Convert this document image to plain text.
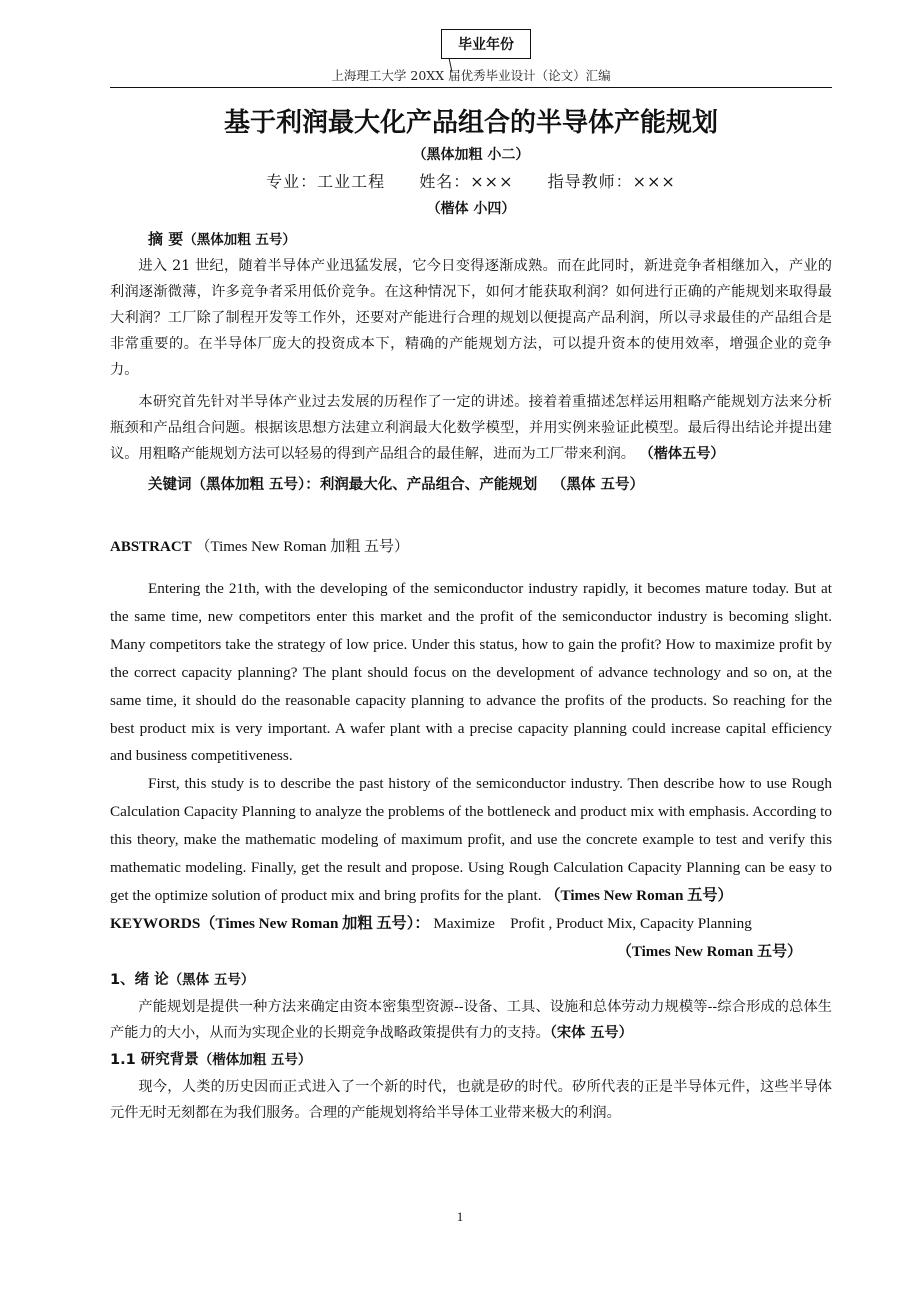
毕业年份
上海理工大学 20XX 届优秀毕业设计（论文）汇编
基于利润最大化产品组合的半导体产能规划
（黑体加粗 小二）
专业：工业工程 姓名：××× 指导教师：×××
（楷体 小四）
摘 要（黑体加粗 五号）

进入 21 世纪，随着半导体产业迅猛发展，它今日变得逐渐成熟。而在此同时，新进竞争者相继加入，产业的利润逐渐微薄，许多竞争者采用低价竞争。在这种情况下，如何才能获取利润？如何进行正确的产能规划来取得最大利润？工厂除了制程开发等工作外，还要对产能进行合理的规划以便提高产品利润，所以寻求最佳的产品组合是非常重要的。在半导体厂庞大的投资成本下，精确的产能规划方法，可以提升资本的使用效率，增强企业的竞争力。

本研究首先针对半导体产业过去发展的历程作了一定的讲述。接着着重描述怎样运用粗略产能规划方法来分析瓶颈和产品组合问题。根据该思想方法建立利润最大化数学模型，并用实例来验证此模型。最后得出结论并提出建议。用粗略产能规划方法可以轻易的得到产品组合的最佳解，进而为工厂带来利润。 （楷体五号）

关键词（黑体加粗 五号）：利润最大化、产品组合、产能规划 （黑体 五号）
ABSTRACT （Times New Roman 加粗 五号）

Entering the 21th, with the developing of the semiconductor industry rapidly, it becomes mature today. But at the same time, new competitors enter this market and the profit of the semiconductor industry is becoming slight. Many competitors take the strategy of low price. Under this status, how to gain the profit? How to maximize profit by the correct capacity planning? The plant should focus on the development of advance technology and so on, at the same time, it should do the reasonable capacity planning to advance the profits of the products. So reaching for the best product mix is very important. A wafer plant with a precise capacity planning could increase capital efficiency and business competitiveness.

First, this study is to describe the past history of the semiconductor industry. Then describe how to use Rough Calculation Capacity Planning to analyze the problems of the bottleneck and product mix with emphasis. According to this theory, make the mathematic modeling of maximum profit, and use the concrete example to test and verify this mathematic modeling. Finally, get the result and propose. Using Rough Calculation Capacity Planning can be easy to get the optimize solution of product mix and bring profits for the plant. （Times New Roman 五号）

KEYWORDS（Times New Roman 加粗 五号）： Maximize    Profit , Product Mix, Capacity Planning
（Times New Roman 五号）
1、绪 论（黑体 五号）

产能规划是提供一种方法来确定由资本密集型资源--设备、工具、设施和总体劳动力规模等--综合形成的总体生产能力的大小，从而为实现企业的长期竞争战略政策提供有力的支持。（宋体 五号）

1.1 研究背景（楷体加粗 五号）

现今，人类的历史因而正式进入了一个新的时代，也就是矽的时代。矽所代表的正是半导体元件，这些半导体元件无时无刻都在为我们服务。合理的产能规划将给半导体工业带来极大的利润。

1
